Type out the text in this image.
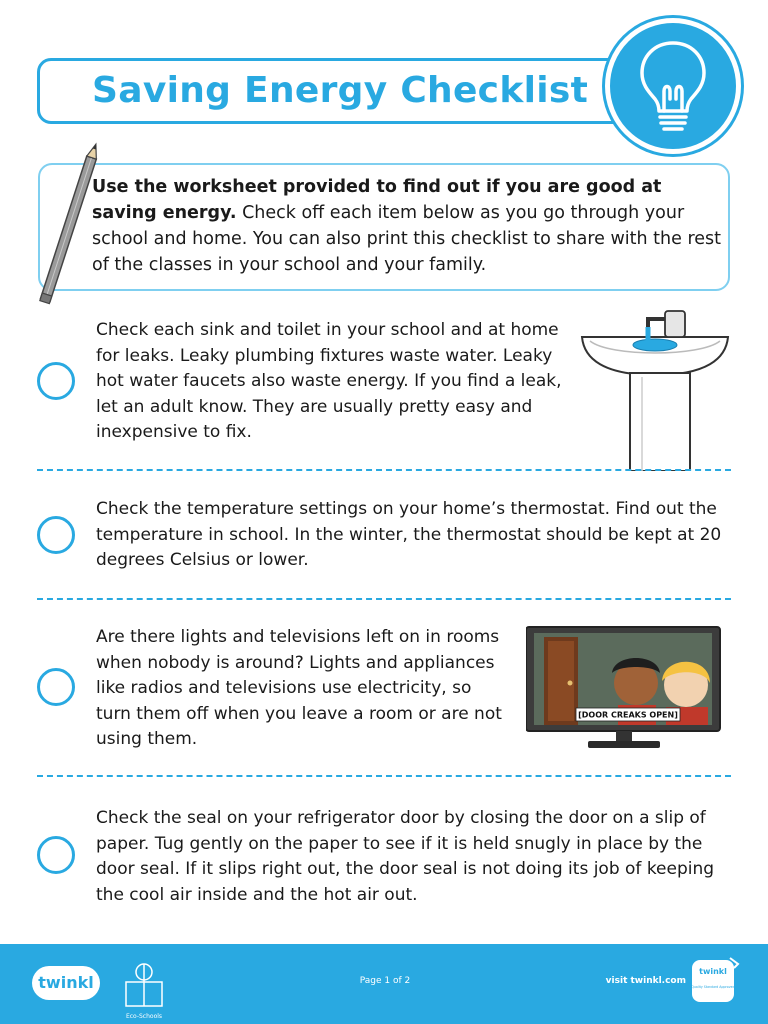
Saving Energy Checklist
Use the worksheet provided to find out if you are good at saving energy. Check off each item below as you go through your school and home. You can also print this checklist to share with the rest of the classes in your school and your family.
Check each sink and toilet in your school and at home for leaks. Leaky plumbing fixtures waste water. Leaky hot water faucets also waste energy. If you find a leak, let an adult know. They are usually pretty easy and inexpensive to fix.
Check the temperature settings on your home’s thermostat. Find out the temperature in school. In the winter, the thermostat should be kept at 20 degrees Celsius or lower.
Are there lights and televisions left on in rooms when nobody is around? Lights and appliances like radios and televisions use electricity, so turn them off when you leave a room or are not using them.
[DOOR CREAKS OPEN]
Check the seal on your refrigerator door by closing the door on a slip of paper. Tug gently on the paper to see if it is held snugly in place by the door seal. If it slips right out, the door seal is not doing its job of keeping the cool air inside and the hot air out.
twinkl
Eco-Schools
Page 1 of 2	visit twinkl.com
twinkl
Quality Standard Approved
